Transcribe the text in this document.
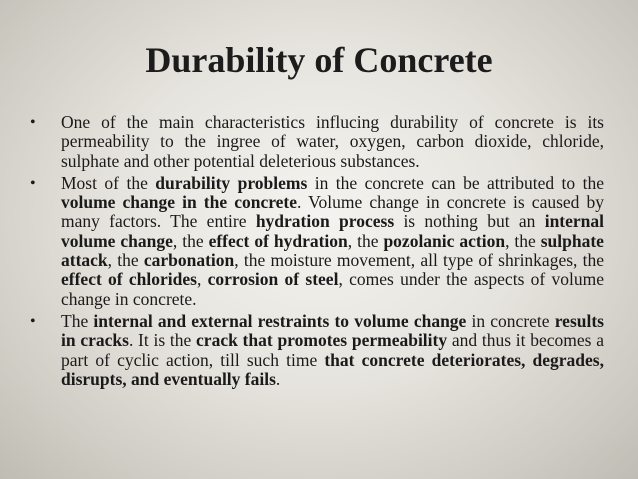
Durability of Concrete
•	One of the main characteristics influcing durability of concrete is its permeability to the ingree of water, oxygen, carbon dioxide, chloride, sulphate and other potential deleterious substances.
•	Most of the durability problems in the concrete can be attributed to the volume change in the concrete. Volume change in concrete is caused by many factors. The entire hydration process is nothing but an internal volume change, the effect of hydration, the pozolanic action, the sulphate attack, the carbonation, the moisture movement, all type of shrinkages, the effect of chlorides, corrosion of steel, comes under the aspects of volume change in concrete.
•	The internal and external restraints to volume change in concrete results in cracks. It is the crack that promotes permeability and thus it becomes a part of cyclic action, till such time that concrete deteriorates, degrades, disrupts, and eventually fails.
